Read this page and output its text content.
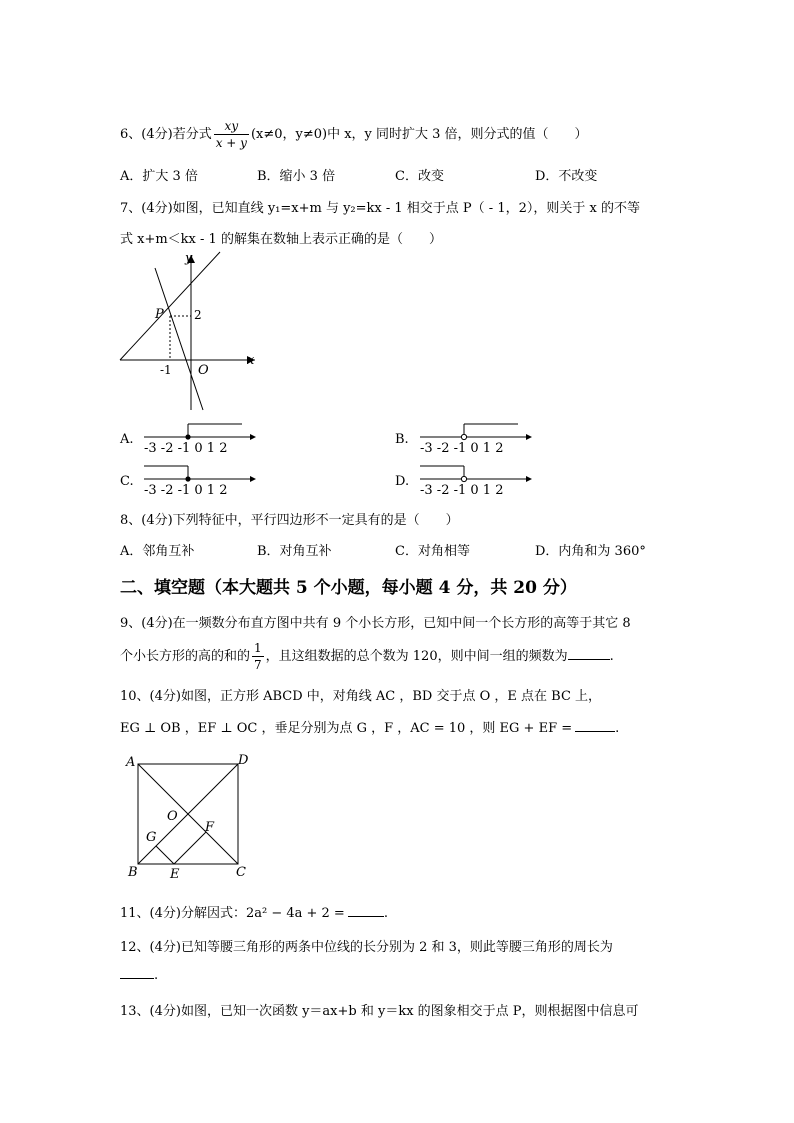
6、(4分)若分式 $\frac{xy}{x + y} (x\ne 0$，y≠0)中 x，y 同时扩大 3 倍，则分式的值（　　）
A．扩大 3 倍	B．缩小 3 倍	C．改变	D．不改变
7、(4分)如图，已知直线 y₁=x+m 与 y₂=kx - 1 相交于点 P（ - 1，2），则关于 x 的不等
式 x+m＜kx - 1 的解集在数轴上表示正确的是（　　）
y
x
P	2
-1 O
A.
-3 -2 -1 0 1 2
B.
-3 -2 -1 0 1 2
C.
-3 -2 -1 0 1 2
D.
-3 -2 -1 0 1 2
8、(4分)下列特征中，平行四边形不一定具有的是（　　）
A．邻角互补	B．对角互补	C．对角相等	D．内角和为 360°
二、填空题（本大题共 5 个小题，每小题 4 分，共 20 分）
9、(4分)在一频数分布直方图中共有 9 个小长方形，已知中间一个长方形的高等于其它 8
个小长方形的高的和的 $\frac{1}{7}$ ，且这组数据的总个数为 120，则中间一组的频数为	.
10、(4分)如图，正方形 ABCD 中，对角线 AC ，BD 交于点 O ，E 点在 BC 上，
EG ⊥ OB ，EF ⊥ OC ，垂足分别为点 G ，F ，AC = 10 ，则 EG + EF =	.
A	D
B	C
O
G
F
E
11、(4分)分解因式：2a² − 4a + 2 =	.
12、(4分)已知等腰三角形的两条中位线的长分别为 2 和 3，则此等腰三角形的周长为
.
13、(4分)如图，已知一次函数 y＝ax+b 和 y＝kx 的图象相交于点 P，则根据图中信息可
